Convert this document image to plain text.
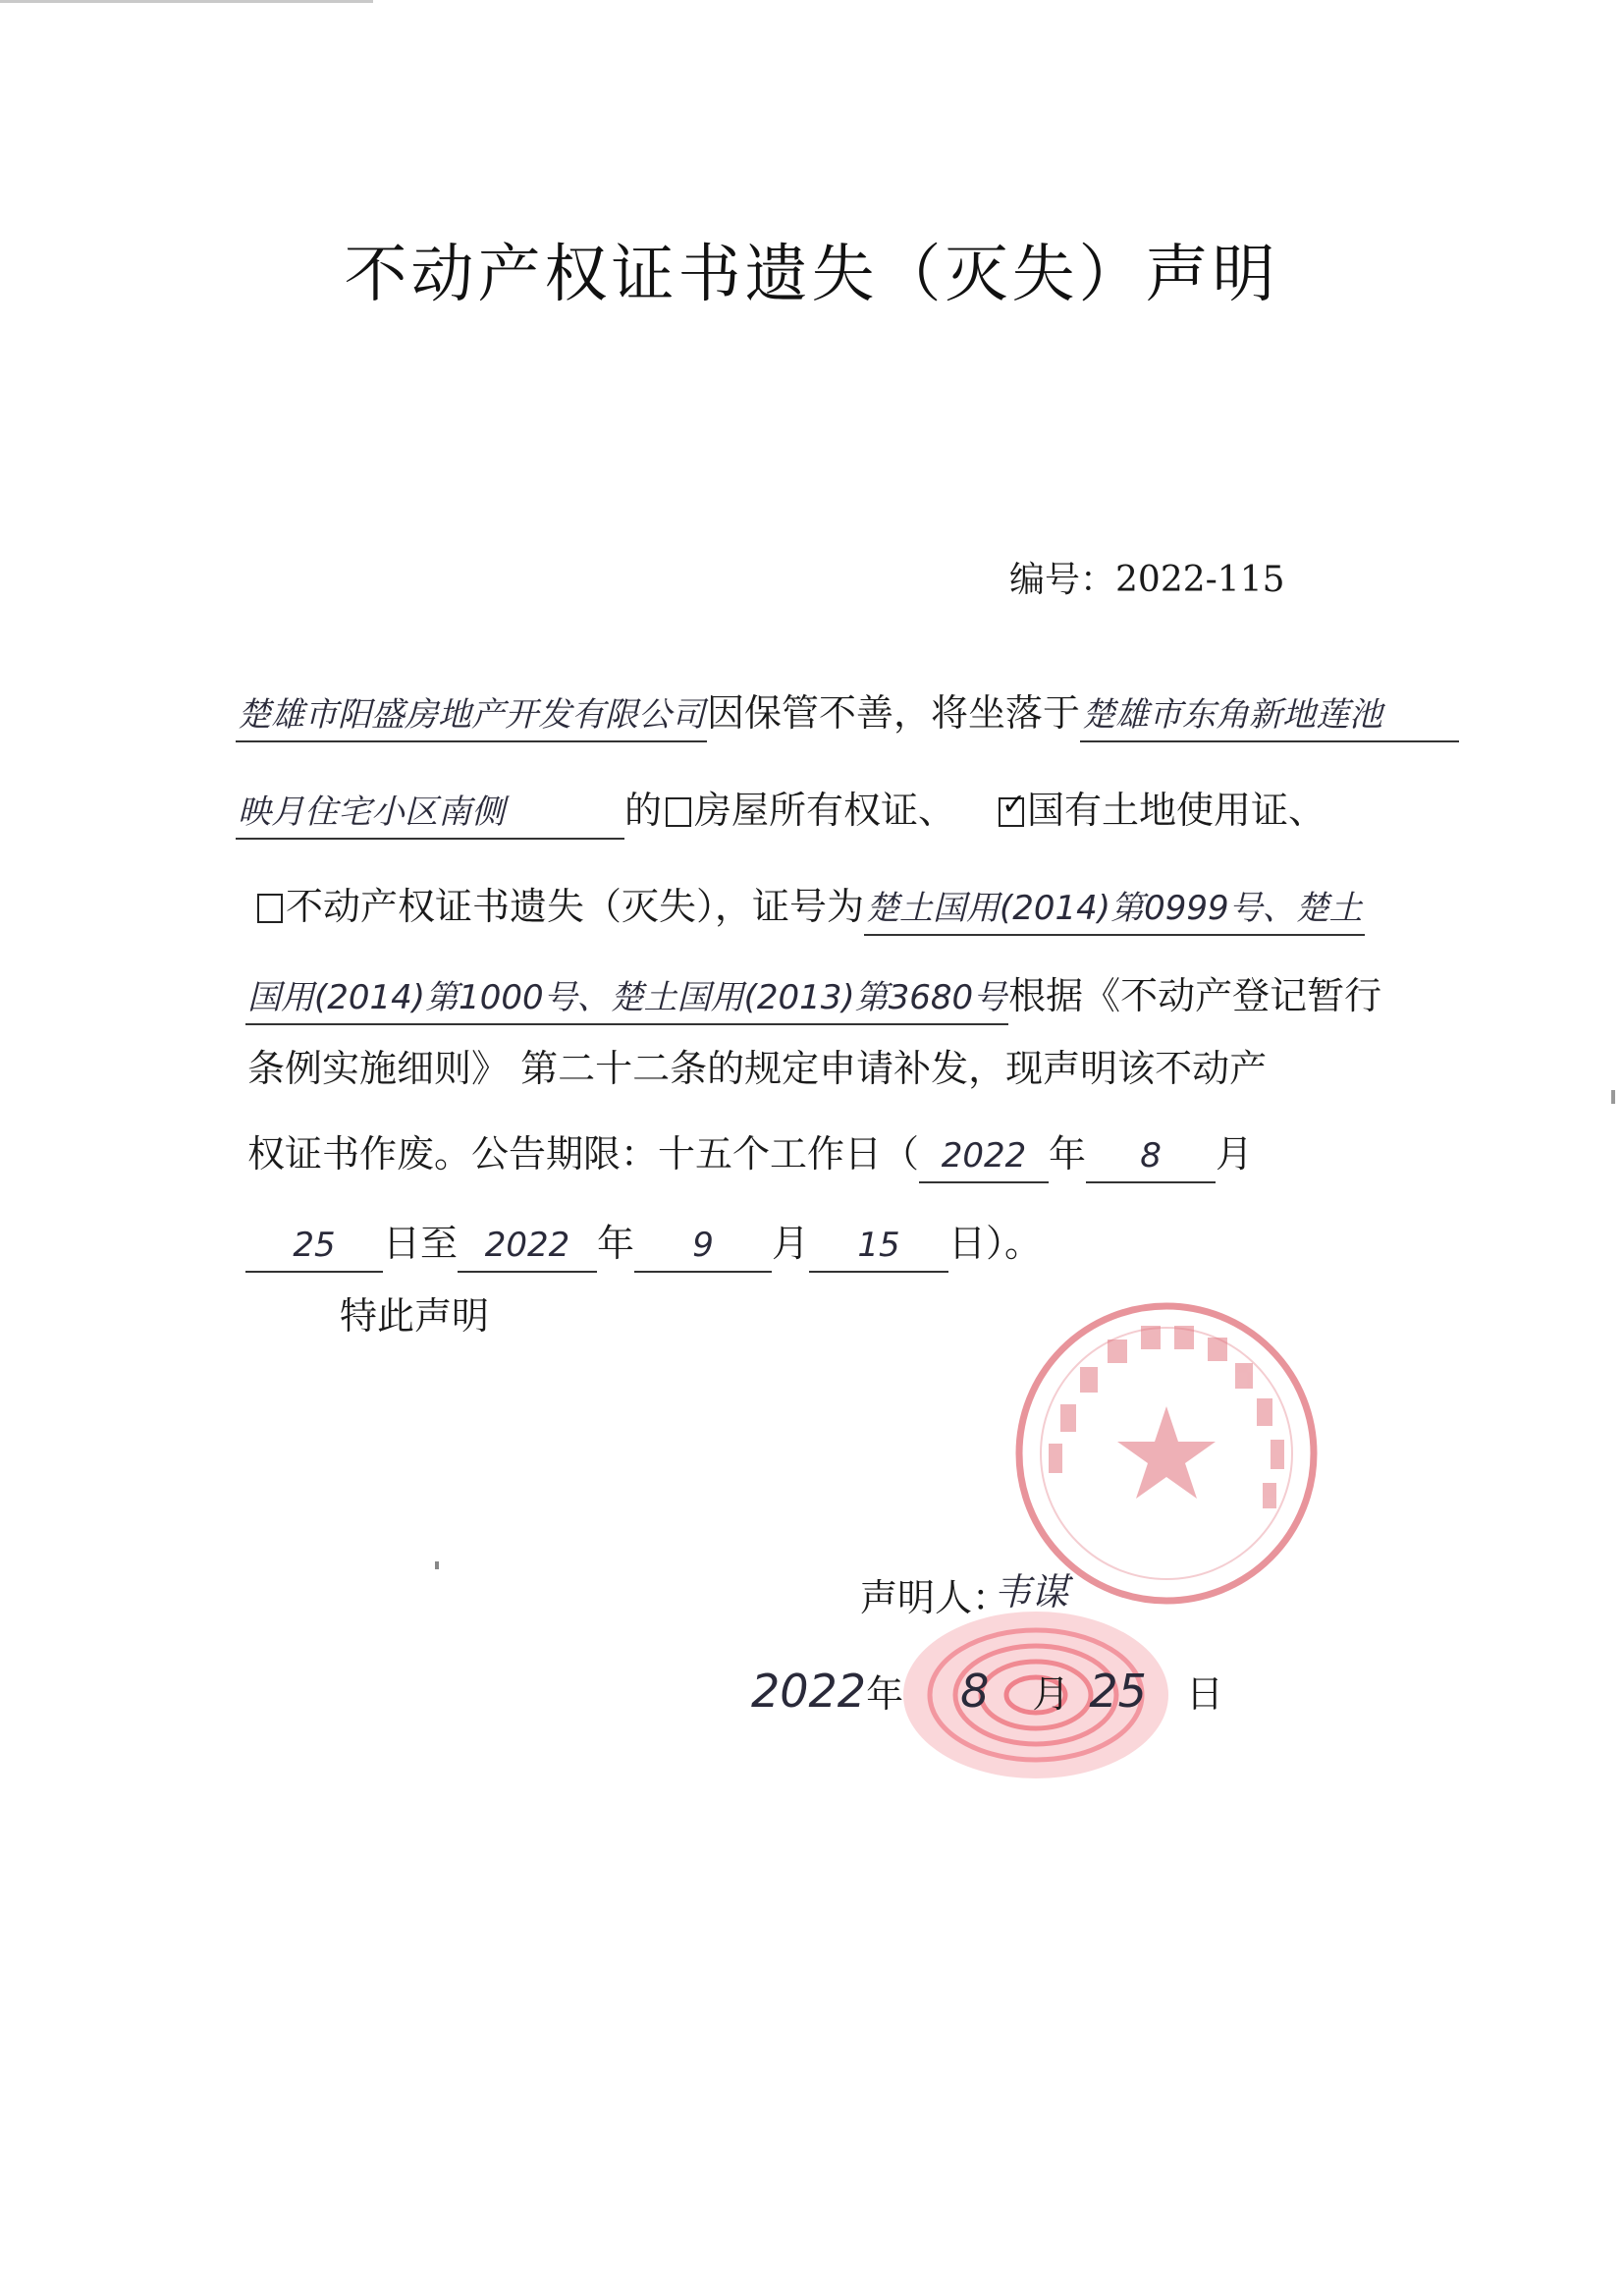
不动产权证书遗失（灭失）声明
编号：2022-115
楚雄市阳盛房地产开发有限公司因保管不善，将坐落于楚雄市东角新地莲池
映月住宅小区南侧	的 房屋所有权证、✓ 国有土地使用证、
不动产权证书遗失（灭失），证号为楚土国用(2014)第0999号、楚土
国用(2014)第1000号、楚土国用(2013)第3680号根据《不动产登记暂行
条例实施细则》 第二十二条的规定申请补发，现声明该不动产
权证书作废。公告期限：十五个工作日（ 2022 年 8 月
25 日至 2022 年 9 月 15 日）。
特此声明
声明人：
韦谋
2022年 8 月 25 日
